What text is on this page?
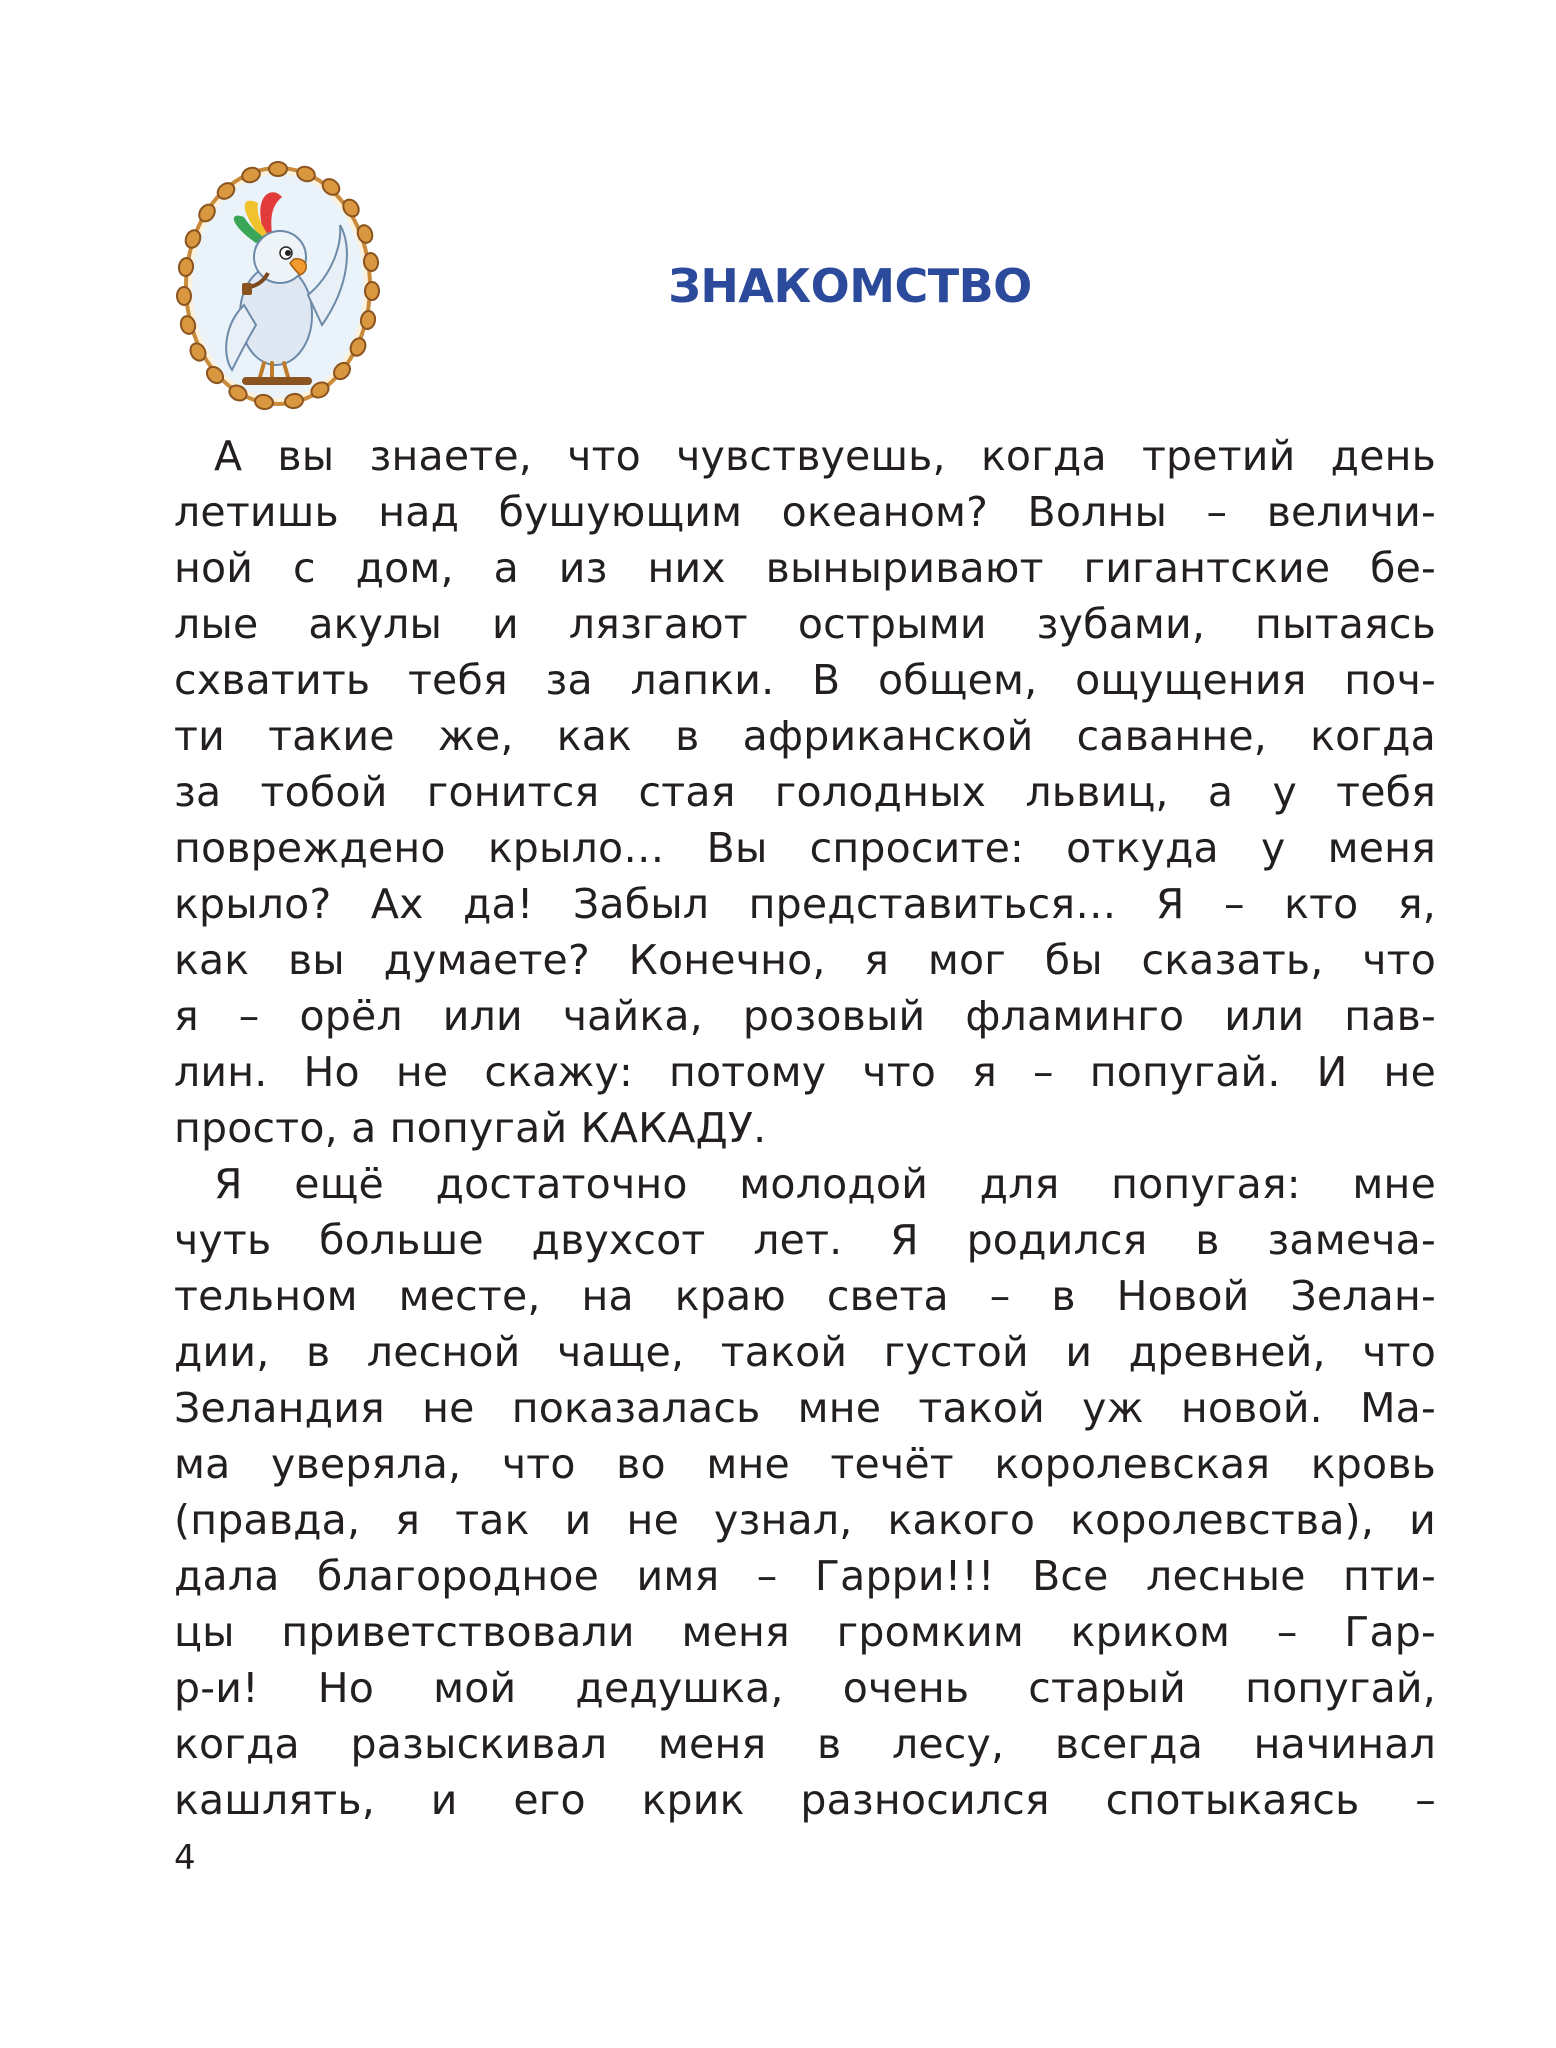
ЗНАКОМСТВО
А вы знаете, что чувствуешь, когда третий день
летишь над бушующим океаном? Волны – величи-
ной с дом, а из них выныривают гигантские бе-
лые акулы и лязгают острыми зубами, пытаясь
схватить тебя за лапки. В общем, ощущения поч-
ти такие же, как в африканской саванне, когда
за тобой гонится стая голодных львиц, а у тебя
повреждено крыло… Вы спросите: откуда у меня
крыло? Ах да! Забыл представиться… Я – кто я,
как вы думаете? Конечно, я мог бы сказать, что
я – орёл или чайка, розовый фламинго или пав-
лин. Но не скажу: потому что я – попугай. И не
просто, а попугай КАКАДУ.
Я ещё достаточно молодой для попугая: мне
чуть больше двухсот лет. Я родился в замеча-
тельном месте, на краю света – в Новой Зелан-
дии, в лесной чаще, такой густой и древней, что
Зеландия не показалась мне такой уж новой. Ма-
ма уверяла, что во мне течёт королевская кровь
(правда, я так и не узнал, какого королевства), и
дала благородное имя – Гарри!!! Все лесные пти-
цы приветствовали меня громким криком – Гар-
р-и! Но мой дедушка, очень старый попугай,
когда разыскивал меня в лесу, всегда начинал
кашлять, и его крик разносился спотыкаясь –
4
